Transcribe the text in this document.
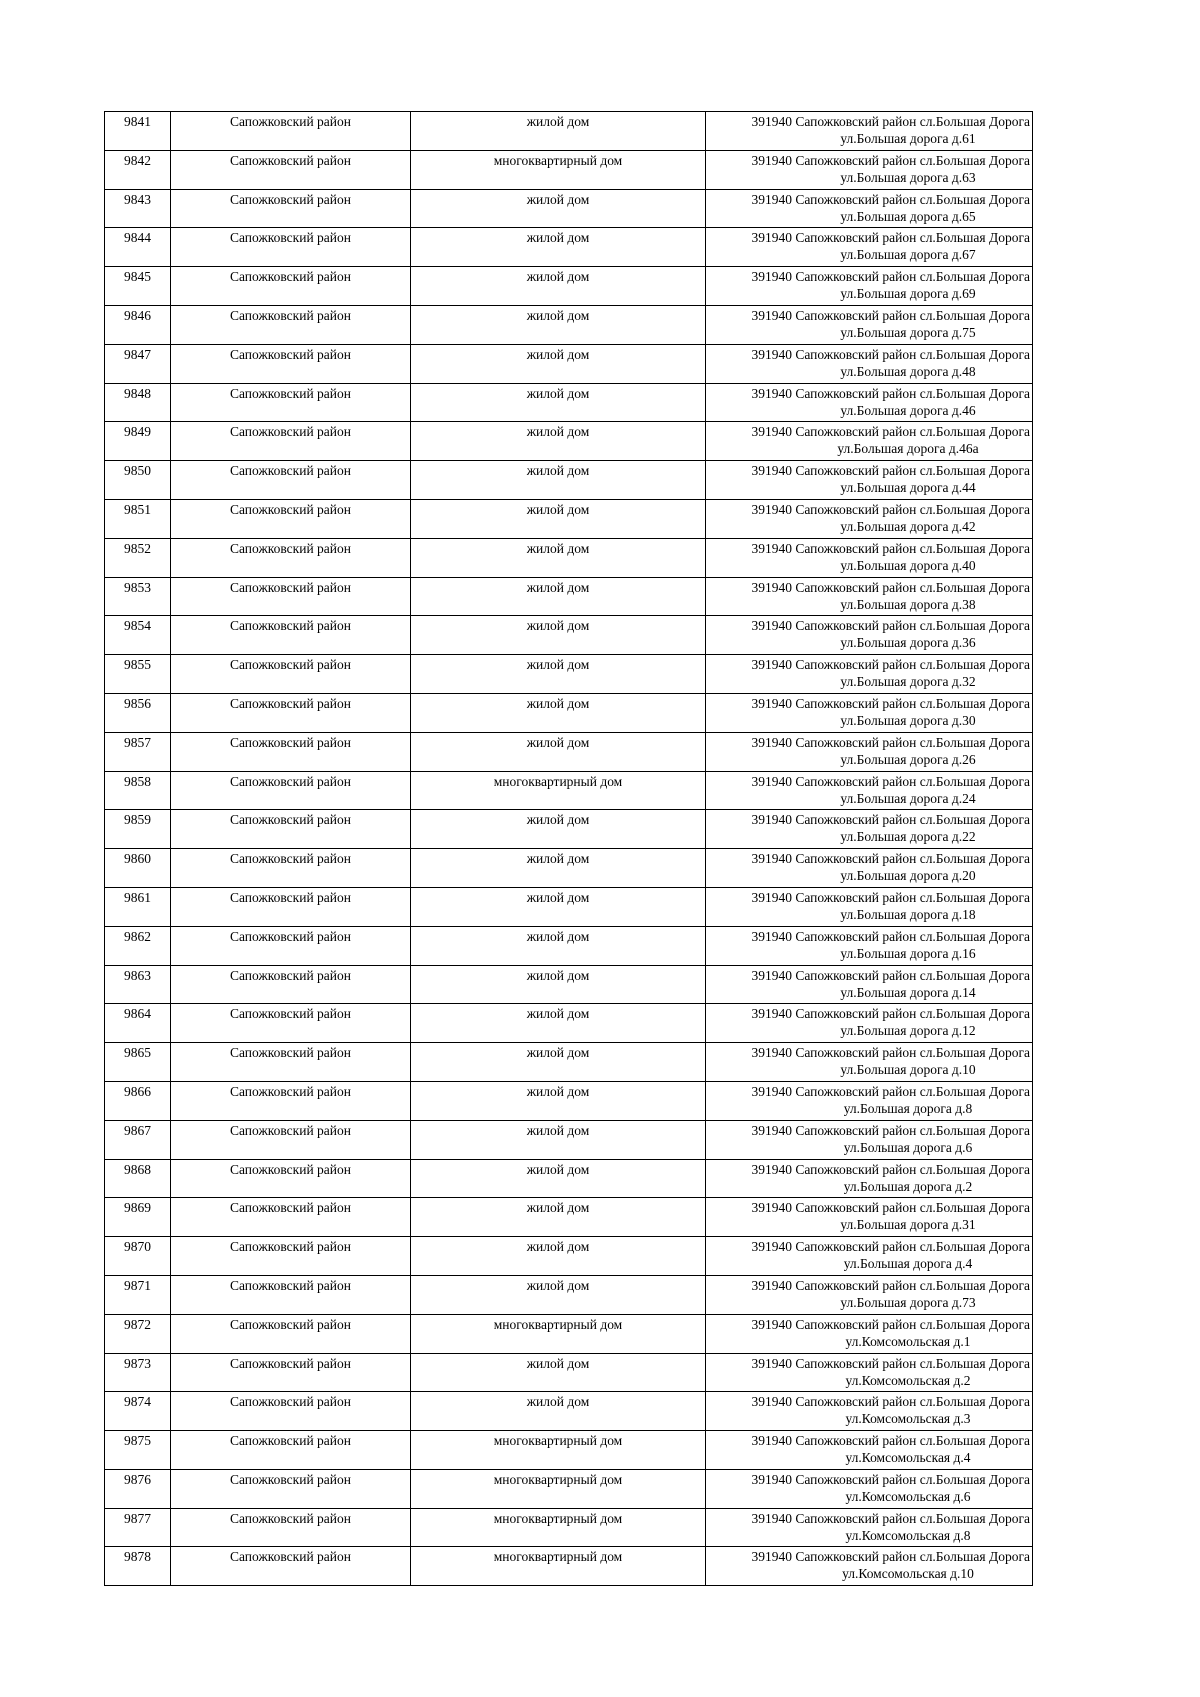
9841	Сапожковский район	жилой дом	391940 Сапожковский район сл.Большая Дорога
ул.Большая дорога д.61

9842	Сапожковский район	многоквартирный дом	391940 Сапожковский район сл.Большая Дорога
ул.Большая дорога д.63

9843	Сапожковский район	жилой дом	391940 Сапожковский район сл.Большая Дорога
ул.Большая дорога д.65

9844	Сапожковский район	жилой дом	391940 Сапожковский район сл.Большая Дорога
ул.Большая дорога д.67

9845	Сапожковский район	жилой дом	391940 Сапожковский район сл.Большая Дорога
ул.Большая дорога д.69

9846	Сапожковский район	жилой дом	391940 Сапожковский район сл.Большая Дорога
ул.Большая дорога д.75

9847	Сапожковский район	жилой дом	391940 Сапожковский район сл.Большая Дорога
ул.Большая дорога д.48

9848	Сапожковский район	жилой дом	391940 Сапожковский район сл.Большая Дорога
ул.Большая дорога д.46

9849	Сапожковский район	жилой дом	391940 Сапожковский район сл.Большая Дорога
ул.Большая дорога д.46а

9850	Сапожковский район	жилой дом	391940 Сапожковский район сл.Большая Дорога
ул.Большая дорога д.44

9851	Сапожковский район	жилой дом	391940 Сапожковский район сл.Большая Дорога
ул.Большая дорога д.42

9852	Сапожковский район	жилой дом	391940 Сапожковский район сл.Большая Дорога
ул.Большая дорога д.40

9853	Сапожковский район	жилой дом	391940 Сапожковский район сл.Большая Дорога
ул.Большая дорога д.38

9854	Сапожковский район	жилой дом	391940 Сапожковский район сл.Большая Дорога
ул.Большая дорога д.36

9855	Сапожковский район	жилой дом	391940 Сапожковский район сл.Большая Дорога
ул.Большая дорога д.32

9856	Сапожковский район	жилой дом	391940 Сапожковский район сл.Большая Дорога
ул.Большая дорога д.30

9857	Сапожковский район	жилой дом	391940 Сапожковский район сл.Большая Дорога
ул.Большая дорога д.26

9858	Сапожковский район	многоквартирный дом	391940 Сапожковский район сл.Большая Дорога
ул.Большая дорога д.24

9859	Сапожковский район	жилой дом	391940 Сапожковский район сл.Большая Дорога
ул.Большая дорога д.22

9860	Сапожковский район	жилой дом	391940 Сапожковский район сл.Большая Дорога
ул.Большая дорога д.20

9861	Сапожковский район	жилой дом	391940 Сапожковский район сл.Большая Дорога
ул.Большая дорога д.18

9862	Сапожковский район	жилой дом	391940 Сапожковский район сл.Большая Дорога
ул.Большая дорога д.16

9863	Сапожковский район	жилой дом	391940 Сапожковский район сл.Большая Дорога
ул.Большая дорога д.14

9864	Сапожковский район	жилой дом	391940 Сапожковский район сл.Большая Дорога
ул.Большая дорога д.12

9865	Сапожковский район	жилой дом	391940 Сапожковский район сл.Большая Дорога
ул.Большая дорога д.10

9866	Сапожковский район	жилой дом	391940 Сапожковский район сл.Большая Дорога
ул.Большая дорога д.8

9867	Сапожковский район	жилой дом	391940 Сапожковский район сл.Большая Дорога
ул.Большая дорога д.6

9868	Сапожковский район	жилой дом	391940 Сапожковский район сл.Большая Дорога
ул.Большая дорога д.2

9869	Сапожковский район	жилой дом	391940 Сапожковский район сл.Большая Дорога
ул.Большая дорога д.31

9870	Сапожковский район	жилой дом	391940 Сапожковский район сл.Большая Дорога
ул.Большая дорога д.4

9871	Сапожковский район	жилой дом	391940 Сапожковский район сл.Большая Дорога
ул.Большая дорога д.73

9872	Сапожковский район	многоквартирный дом	391940 Сапожковский район сл.Большая Дорога
ул.Комсомольская д.1

9873	Сапожковский район	жилой дом	391940 Сапожковский район сл.Большая Дорога
ул.Комсомольская д.2

9874	Сапожковский район	жилой дом	391940 Сапожковский район сл.Большая Дорога
ул.Комсомольская д.3

9875	Сапожковский район	многоквартирный дом	391940 Сапожковский район сл.Большая Дорога
ул.Комсомольская д.4

9876	Сапожковский район	многоквартирный дом	391940 Сапожковский район сл.Большая Дорога
ул.Комсомольская д.6

9877	Сапожковский район	многоквартирный дом	391940 Сапожковский район сл.Большая Дорога
ул.Комсомольская д.8

9878	Сапожковский район	многоквартирный дом	391940 Сапожковский район сл.Большая Дорога
ул.Комсомольская д.10
